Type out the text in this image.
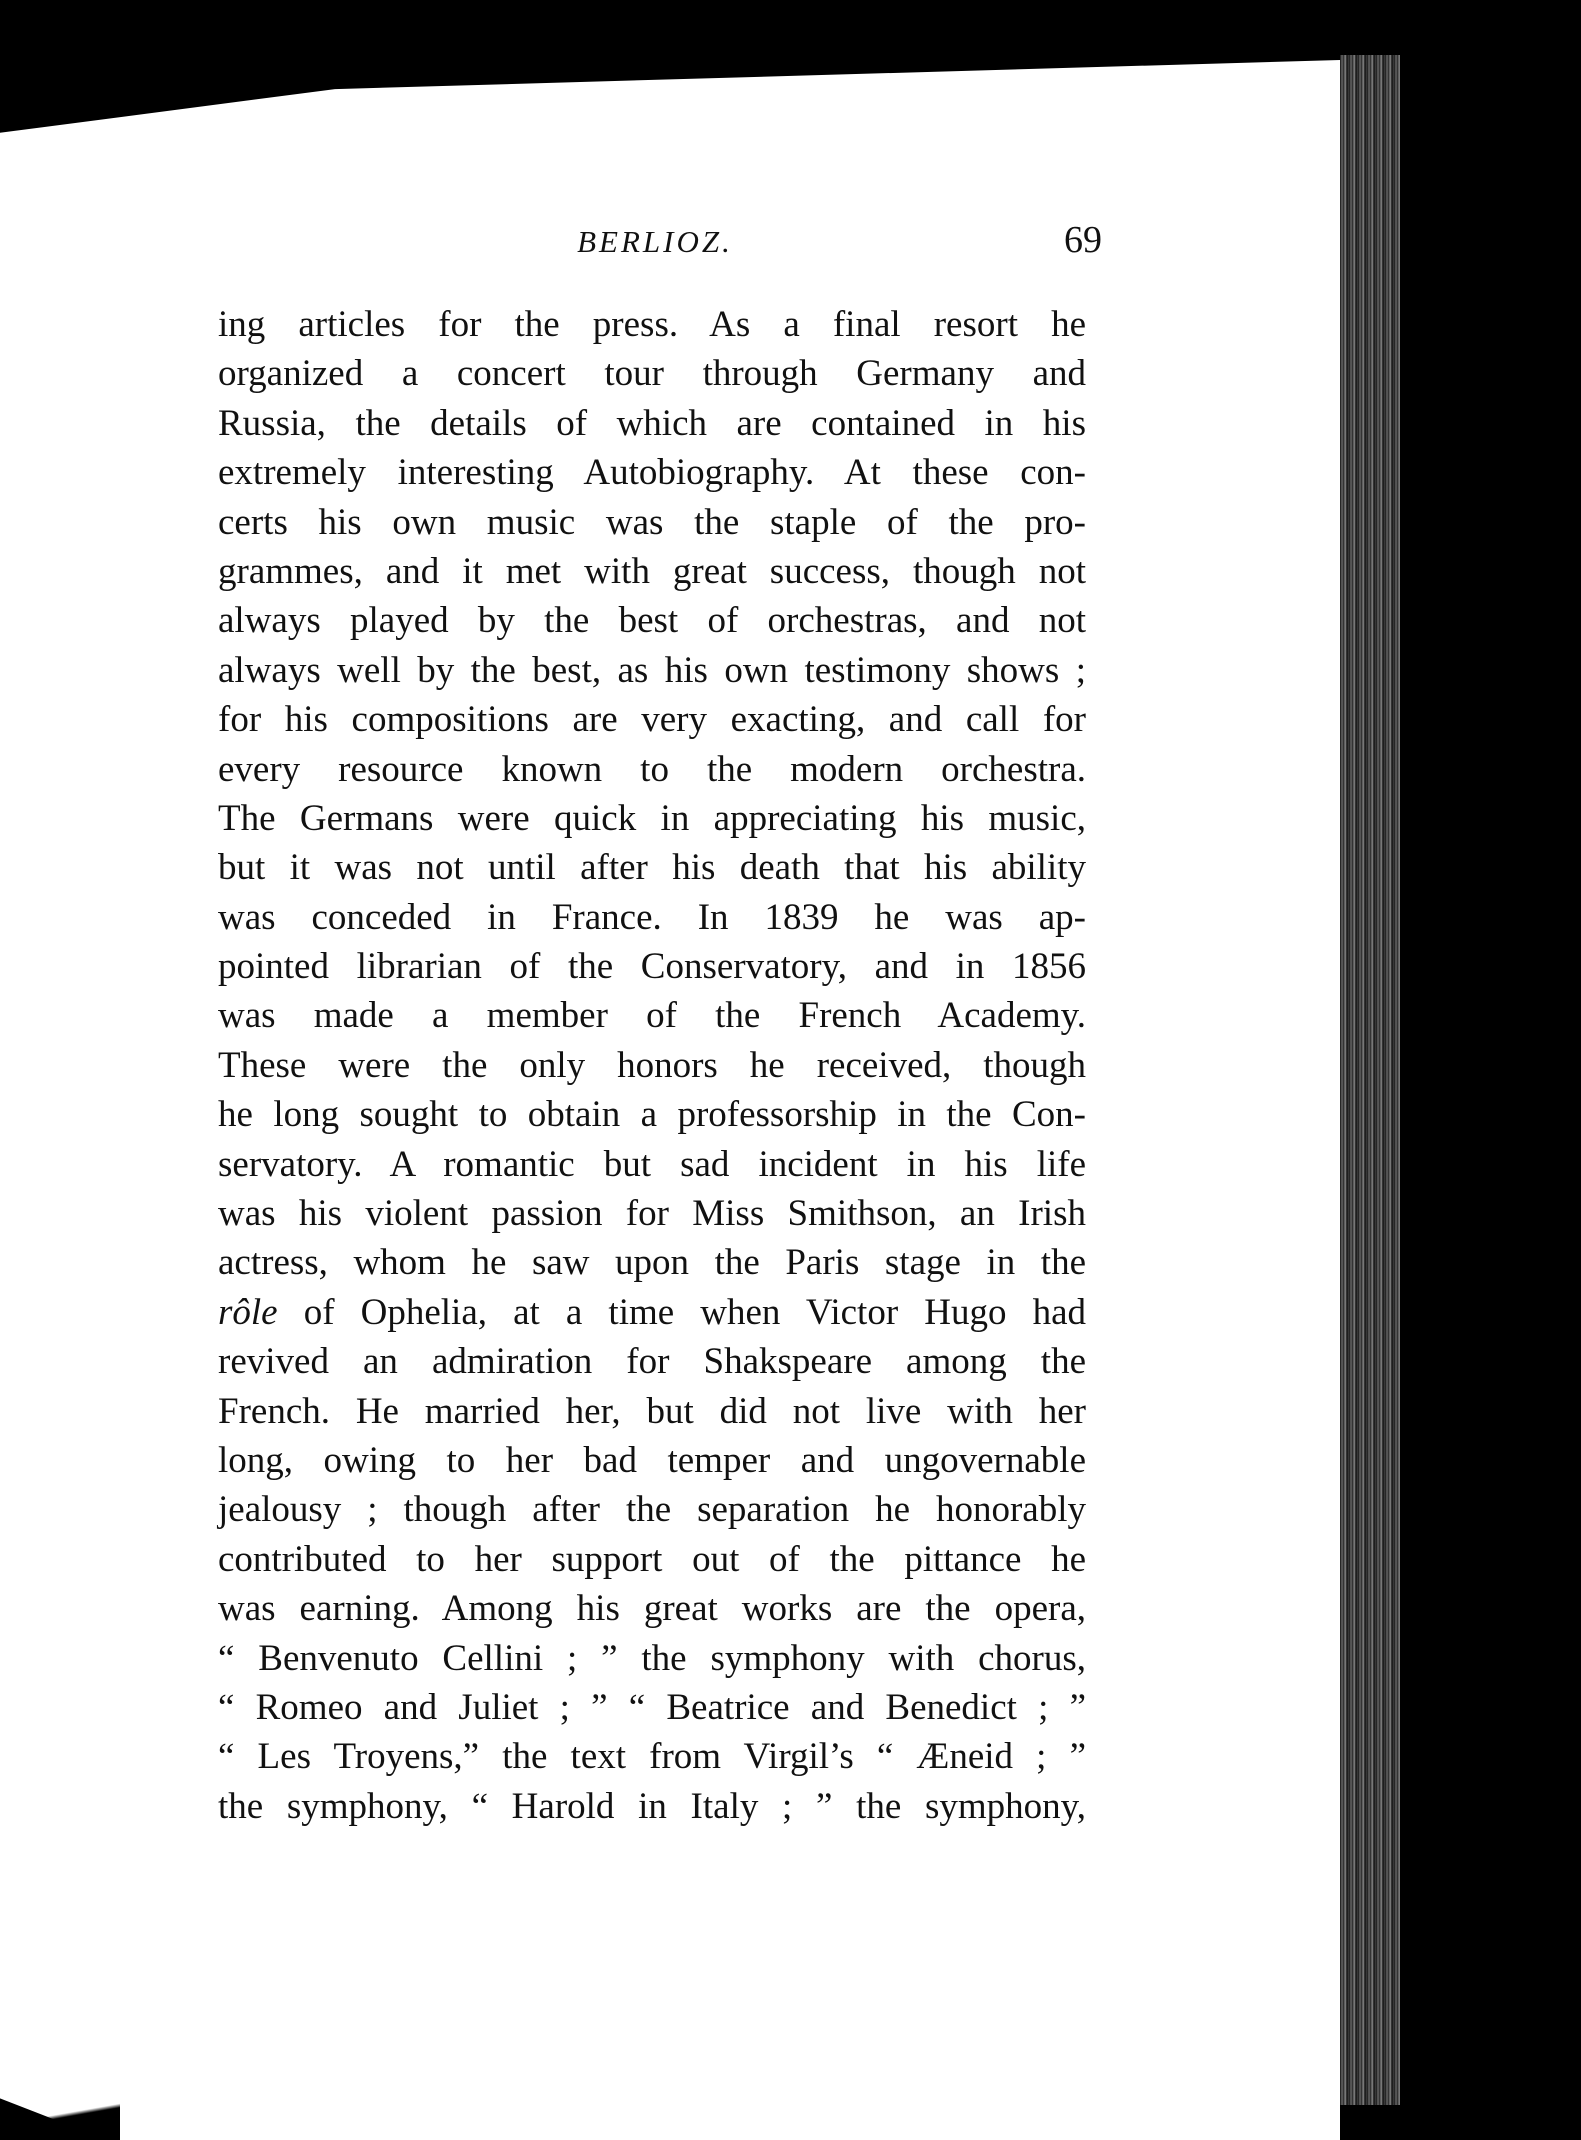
BERLIOZ.	69
ing articles for the press. As a final resort he
organized a concert tour through Germany and
Russia, the details of which are contained in his
extremely interesting Autobiography. At these con-
certs his own music was the staple of the pro-
grammes, and it met with great success, though not
always played by the best of orchestras, and not
always well by the best, as his own testimony shows ;
for his compositions are very exacting, and call for
every resource known to the modern orchestra.
The Germans were quick in appreciating his music,
but it was not until after his death that his ability
was conceded in France. In 1839 he was ap-
pointed librarian of the Conservatory, and in 1856
was made a member of the French Academy.
These were the only honors he received, though
he long sought to obtain a professorship in the Con-
servatory. A romantic but sad incident in his life
was his violent passion for Miss Smithson, an Irish
actress, whom he saw upon the Paris stage in the
rôle of Ophelia, at a time when Victor Hugo had
revived an admiration for Shakspeare among the
French. He married her, but did not live with her
long, owing to her bad temper and ungovernable
jealousy ; though after the separation he honorably
contributed to her support out of the pittance he
was earning. Among his great works are the opera,
“ Benvenuto Cellini ; ” the symphony with chorus,
“ Romeo and Juliet ; ” “ Beatrice and Benedict ; ”
“ Les Troyens,” the text from Virgil’s “ Æneid ; ”
the symphony, “ Harold in Italy ; ” the symphony,
